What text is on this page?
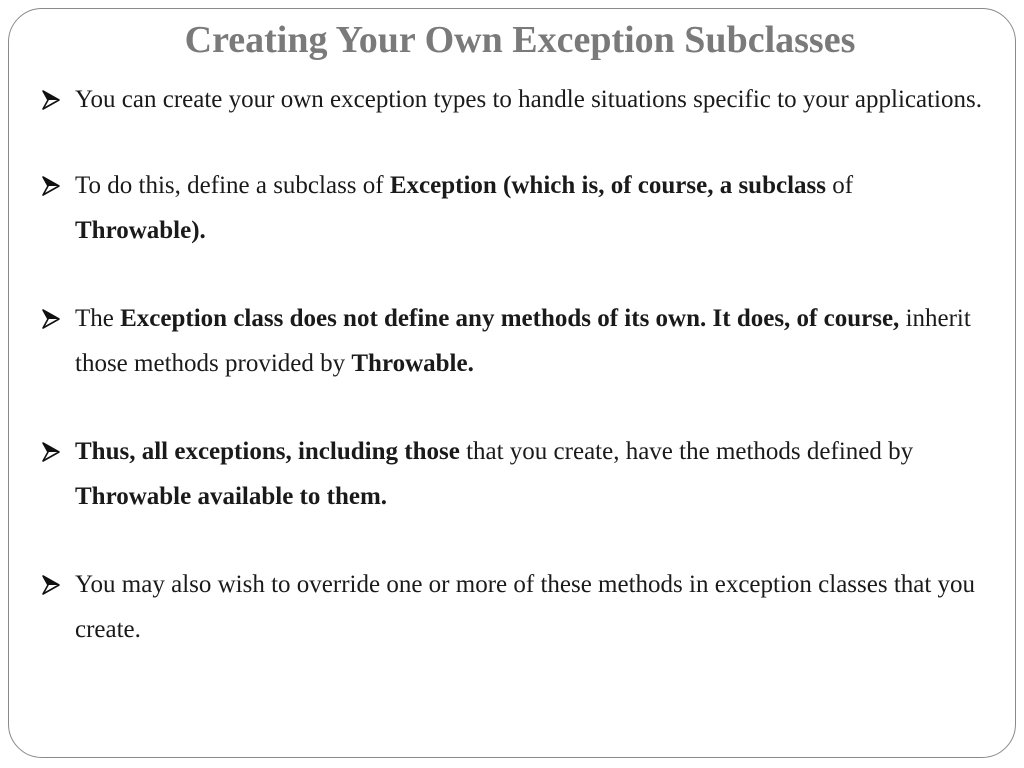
Creating Your Own Exception Subclasses
You can create your own exception types to handle situations specific to your applications.
To do this, define a subclass of Exception (which is, of course, a subclass of Throwable).
The Exception class does not define any methods of its own. It does, of course, inherit those methods provided by Throwable.
Thus, all exceptions, including those that you create, have the methods defined by Throwable available to them.
You may also wish to override one or more of these methods in exception classes that you create.
